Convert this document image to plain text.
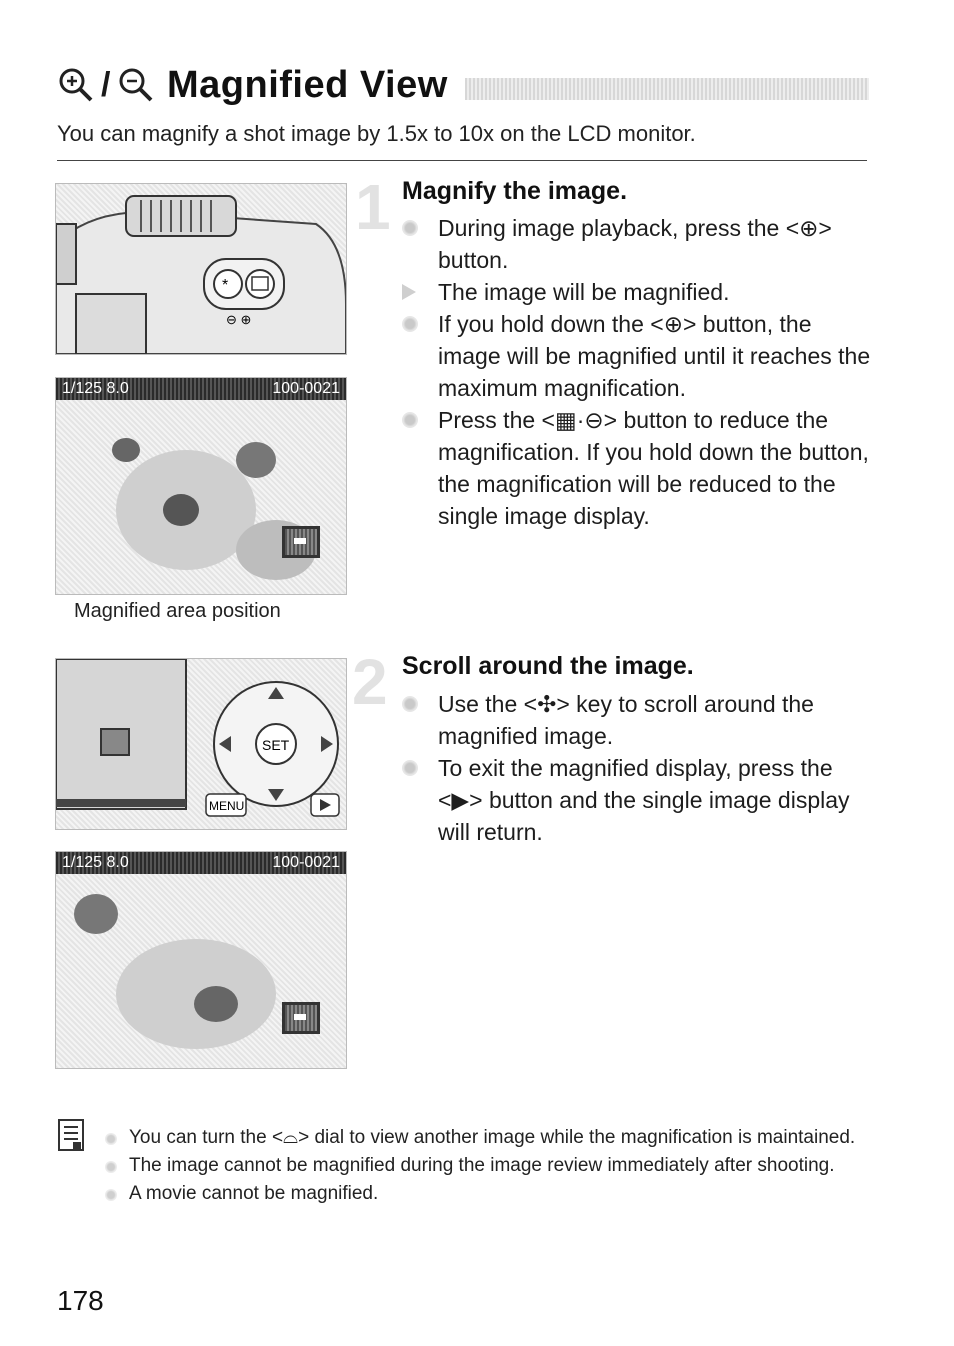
/ Magnified View
You can magnify a shot image by 1.5x to 10x on the LCD monitor.
*
⊖ ⊕
1/125 8.0	100-0021
Magnified area position
SET
MENU
1/125 8.0	100-0021
1 Magnify the image.
During image playback, press the <⊕> button.
The image will be magnified.
If you hold down the <⊕> button, the image will be magnified until it reaches the maximum magnification.
Press the <▦·⊖> button to reduce the magnification. If you hold down the button, the magnification will be reduced to the single image display.
2 Scroll around the image.
Use the <✣> key to scroll around the magnified image.
To exit the magnified display, press the <▶> button and the single image display will return.
You can turn the <⌓> dial to view another image while the magnification is maintained.
The image cannot be magnified during the image review immediately after shooting.
A movie cannot be magnified.
178
